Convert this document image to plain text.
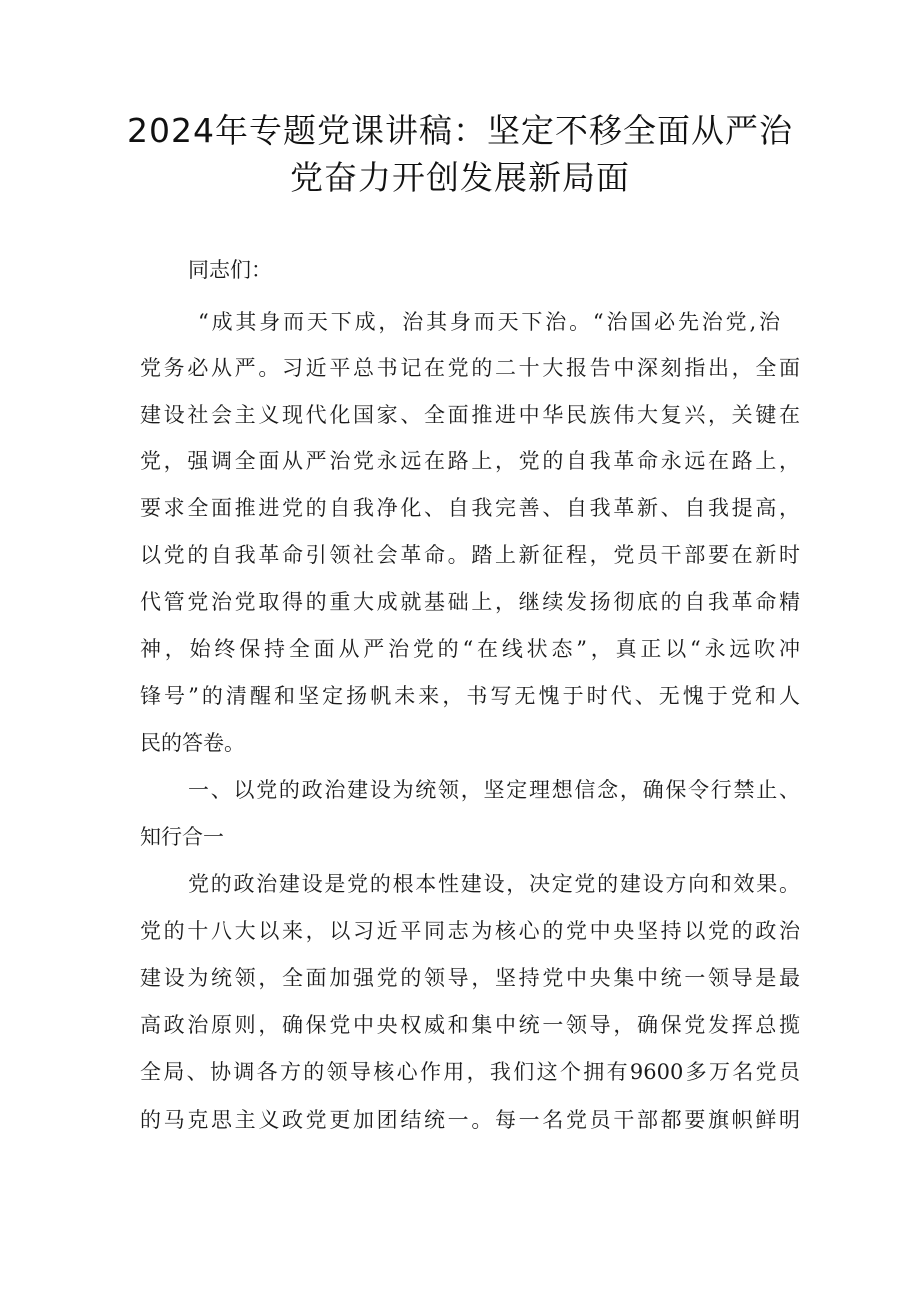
2024年专题党课讲稿：坚定不移全面从严治
党奋力开创发展新局面
同志们：
“成其身而天下成，治其身而天下治。“治国必先治党,治
党务必从严。习近平总书记在党的二十大报告中深刻指出，全面
建设社会主义现代化国家、全面推进中华民族伟大复兴，关键在
党，强调全面从严治党永远在路上，党的自我革命永远在路上，
要求全面推进党的自我净化、自我完善、自我革新、自我提高，
以党的自我革命引领社会革命。踏上新征程，党员干部要在新时
代管党治党取得的重大成就基础上，继续发扬彻底的自我革命精
神，始终保持全面从严治党的“在线状态”，真正以“永远吹冲
锋号”的清醒和坚定扬帆未来，书写无愧于时代、无愧于党和人
民的答卷。
一、以党的政治建设为统领，坚定理想信念，确保令行禁止、
知行合一
党的政治建设是党的根本性建设，决定党的建设方向和效果。
党的十八大以来，以习近平同志为核心的党中央坚持以党的政治
建设为统领，全面加强党的领导，坚持党中央集中统一领导是最
高政治原则，确保党中央权威和集中统一领导，确保党发挥总揽
全局、协调各方的领导核心作用，我们这个拥有9600多万名党员
的马克思主义政党更加团结统一。每一名党员干部都要旗帜鲜明
